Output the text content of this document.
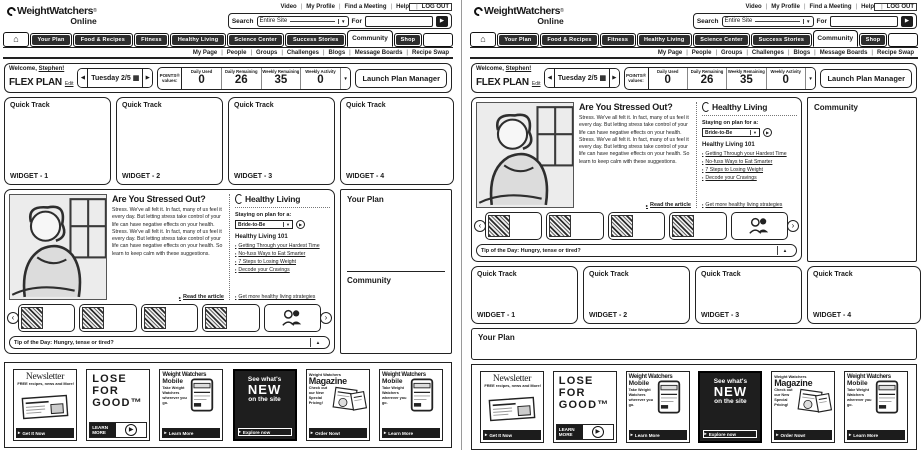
WeightWatchers ®
Online
Video	| My Profile	| Find a Meeting	| Help	| LOG OUT
Search Entire Site	▼ For	▶
⌂	Your Plan	Food & Recipes	Fitness	Healthy Living	Science Center	Success Stories	Community	Shop
My Page	| People	| Groups	| Challenges	| Blogs	| Message Boards	| Recipe Swap
Welcome, Stephen!
FLEX PLAN Edit
◀ Tuesday 2/5 ▦ ▶ POINTS®
values:
Daily Used
0
Daily Remaining
26
Weekly Remaining
35
Weekly Activity
0	▼	Launch Plan Manager
Quick Track
WIDGET - 1
Quick Track
WIDGET - 2
Quick Track
WIDGET - 3
Quick Track
WIDGET - 4
Are You Stressed Out?

Stress. We've all felt it. In fact, many of us feel it every day. But letting stress take control of your life can have negative effects on your health. Stress. We've all felt it. In fact, many of us feel it every day. But letting stress take control of your life can have negative effects on your health. So learn to keep calm with these suggestions.

▸ Read the article
Healthy Living
Staying on plan for a:
Bride-to-Be	▼ ▶
Healthy Living 101
▪ Getting Through your Hardest Time
▪ No-fuss Ways to Eat Smarter
▪ 7 Steps to Losing Weight
▪ Decode your Cravings
▪ Get more healthy living strategies
‹	›
Tip of the Day: Hungry, tense or tired?	▲
Your Plan
Community
Newsletter
FREE recipes, news and More!
▸ Get It Now
LOSE
FOR
GOOD™
LEARN MORE	▶
Weight Watchers
Mobile
Take Weight Watchers wherever you go.
▸ Learn More
See what's
NEW
on the site
▸ Explore now
Weight Watchers
Magazine
Check out our New Special Pricing!
▸ Order Now!
Weight Watchers
Mobile
Take Weight Watchers wherever you go.
▸ Learn More
WeightWatchers ®
Online
Video	| My Profile	| Find a Meeting	| Help	| LOG OUT
Search Entire Site	▼ For	▶
⌂	Your Plan	Food & Recipes	Fitness	Healthy Living	Science Center	Success Stories	Community	Shop
My Page	| People	| Groups	| Challenges	| Blogs	| Message Boards	| Recipe Swap
Welcome, Stephen!
FLEX PLAN Edit
◀ Tuesday 2/5 ▦ ▶ POINTS®
values:
Daily Used
0
Daily Remaining
26
Weekly Remaining
35
Weekly Activity
0	▼	Launch Plan Manager
Quick Track
WIDGET - 1
Quick Track
WIDGET - 2
Quick Track
WIDGET - 3
Quick Track
WIDGET - 4
Are You Stressed Out?

Stress. We've all felt it. In fact, many of us feel it every day. But letting stress take control of your life can have negative effects on your health. Stress. We've all felt it. In fact, many of us feel it every day. But letting stress take control of your life can have negative effects on your health. So learn to keep calm with these suggestions.

▸ Read the article
Healthy Living
Staying on plan for a:
Bride-to-Be	▼ ▶
Healthy Living 101
▪ Getting Through your Hardest Time
▪ No-fuss Ways to Eat Smarter
▪ 7 Steps to Losing Weight
▪ Decode your Cravings
▪ Get more healthy living strategies
‹	›
Tip of the Day: Hungry, tense or tired?	▲
Community
Your Plan
Newsletter
FREE recipes, news and More!
▸ Get It Now
LOSE
FOR
GOOD™
LEARN MORE	▶
Weight Watchers
Mobile
Take Weight Watchers wherever you go.
▸ Learn More
See what's
NEW
on the site
▸ Explore now
Weight Watchers
Magazine
Check out our New Special Pricing!
▸ Order Now!
Weight Watchers
Mobile
Take Weight Watchers wherever you go.
▸ Learn More
